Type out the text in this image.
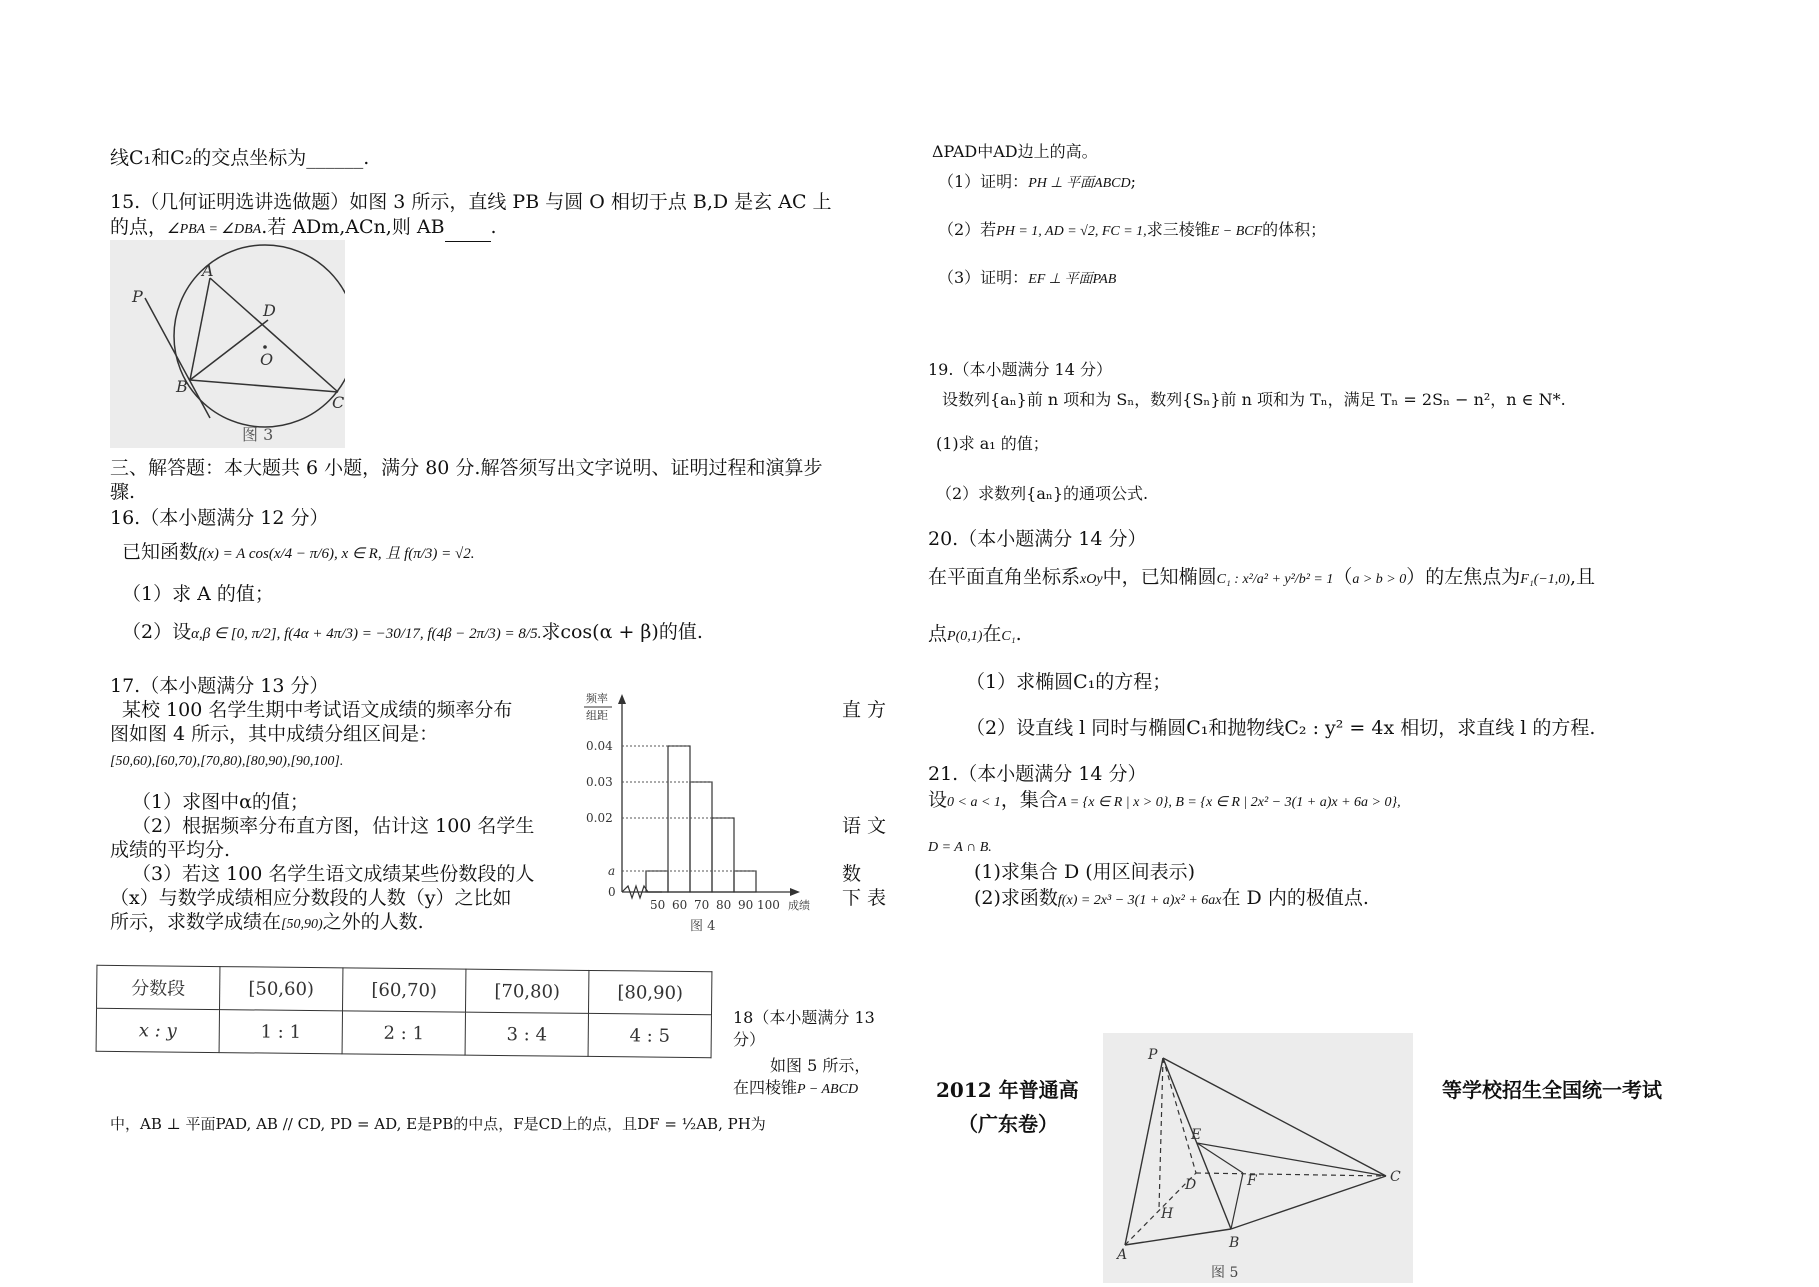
线C₁和C₂的交点坐标为______.
15.（几何证明选讲选做题）如图 3 所示，直线 PB 与圆 O 相切于点 B,D 是玄 AC 上
的点，∠PBA = ∠DBA.若 ADm,ACn,则 AB .
P
A
D
O
B
C
图 3
三、解答题：本大题共 6 小题，满分 80 分.解答须写出文字说明、证明过程和演算步
骤.
16.（本小题满分 12 分）
已知函数f(x) = A cos(x/4 − π/6), x ∈ R, 且 f(π/3) = √2.
（1）求 A 的值；
（2）设α,β ∈ [0, π/2], f(4α + 4π/3) = −30/17, f(4β − 2π/3) = 8/5.求cos(α + β)的值.
17.（本小题满分 13 分）
某校 100 名学生期中考试语文成绩的频率分布	直 方
图如图 4 所示，其中成绩分组区间是：
[50,60),[60,70),[70,80),[80,90),[90,100].
（1）求图中α的值；
（2）根据频率分布直方图，估计这 100 名学生	语 文
成绩的平均分.
（3）若这 100 名学生语文成绩某些份数段的人	数
（x）与数学成绩相应分数段的人数（y）之比如	下 表
所示，求数学成绩在[50,90)之外的人数.
频率
组距
0.04
0.03
0.02
a
0
50 60 70 80 90 100 成绩
图 4
分数段	[50,60)	[60,70)	[70,80)	[80,90)
x : y	1 : 1	2 : 1	3 : 4	4 : 5
18（本小题满分 13
分）
如图 5 所示，
在四棱锥P − ABCD
中，AB ⊥ 平面PAD, AB // CD, PD = AD, E是PB的中点，F是CD上的点，且DF = ½AB, PH为
ΔPAD中AD边上的高。
（1）证明：PH ⊥ 平面ABCD;
（2）若PH = 1, AD = √2, FC = 1,求三棱锥E − BCF的体积；
（3）证明：EF ⊥ 平面PAB
19.（本小题满分 14 分）
设数列{aₙ}前 n 项和为 Sₙ，数列{Sₙ}前 n 项和为 Tₙ，满足 Tₙ = 2Sₙ − n²，n ∈ N*.
(1)求 a₁ 的值；
（2）求数列{aₙ}的通项公式.
20.（本小题满分 14 分）
在平面直角坐标系xOy中，已知椭圆C₁ : x²/a² + y²/b² = 1（a > b > 0）的左焦点为F₁(−1,0),且
点P(0,1)在C₁.
（1）求椭圆C₁的方程；
（2）设直线 l 同时与椭圆C₁和抛物线C₂ : y² = 4x 相切，求直线 l 的方程.
21.（本小题满分 14 分）
设0 < a < 1，集合A = {x ∈ R | x > 0}, B = {x ∈ R | 2x² − 3(1 + a)x + 6a > 0},
D = A ∩ B.
(1)求集合 D (用区间表示)
(2)求函数f(x) = 2x³ − 3(1 + a)x² + 6ax在 D 内的极值点.
2012 年普通高
（广东卷）
等学校招生全国统一考试
P
E
D	F
H
A
B
C
图 5
